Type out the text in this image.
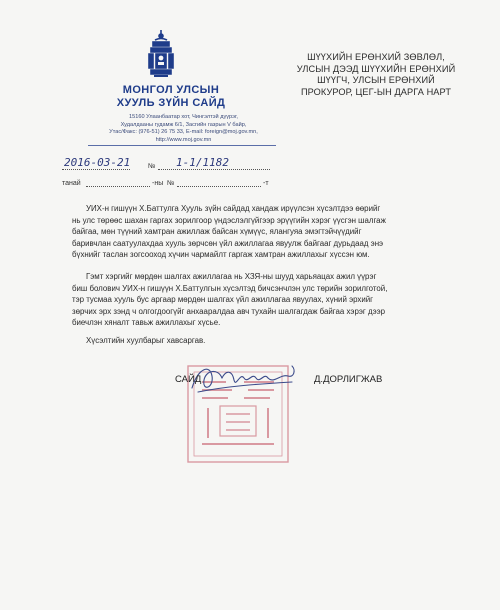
МОНГОЛ УЛСЫН
ХУУЛЬ ЗҮЙН САЙД
15160 Улаанбаатар хот, Чингэлтэй дүүрэг,
Худалдааны гудамж 6/1, Засгийн газрын V байр,
Утас/Факс: (976-51) 26 75 33, E-mail: foreign@moj.gov.mn,
http://www.moj.gov.mn
2016-03-21	№ 1-1/1182
танай	-ны №	-т
ШҮҮХИЙН ЕРӨНХИЙ ЗӨВЛӨЛ,
УЛСЫН ДЭЭД ШҮҮХИЙН ЕРӨНХИЙ
ШҮҮГЧ, УЛСЫН ЕРӨНХИЙ
ПРОКУРОР, ЦЕГ-ЫН ДАРГА НАРТ
УИХ-н гишүүн Х.Баттулга Хууль зүйн сайдад хандаж ирүүлсэн хүсэлтдээ өөрийг
нь улс төрөөс шахан гаргах зорилгоор үндэслэлгүйгээр эрүүгийн хэрэг үүсгэн шалгаж
байгаа, мөн түүний хамтран ажиллаж байсан хүмүүс, ялангуяа эмэгтэйчүүдийг
баривчлан саатуулахдаа хууль зөрчсөн үйл ажиллагаа явуулж байгааг дурьдаад энэ
бүхнийг таслан зогсооход хүчин чармайлт гаргаж хамтран ажиллахыг хүссэн юм.
Гэмт хэргийг мөрдөн шалгах ажиллагаа нь ХЗЯ-ны шууд харьяацах ажил үүрэг
биш болович УИХ-н гишүүн Х.Баттулгын хүсэлтэд бичсэнчлэн улс төрийн зорилготой,
тэр тусмаа хууль бус аргаар мөрдөн шалгах үйл ажиллагаа явуулах, хүний эрхийг
зөрчих эрх зэнд ч олгогдоогүйг анхааралдаа авч тухайн шалгагдаж байгаа хэрэг дээр
биечлэн хяналт тавьж ажиллахыг хүсье.
Хүсэлтийн хуулбарыг хавсаргав.
САЙД	Д.ДОРЛИГЖАВ
